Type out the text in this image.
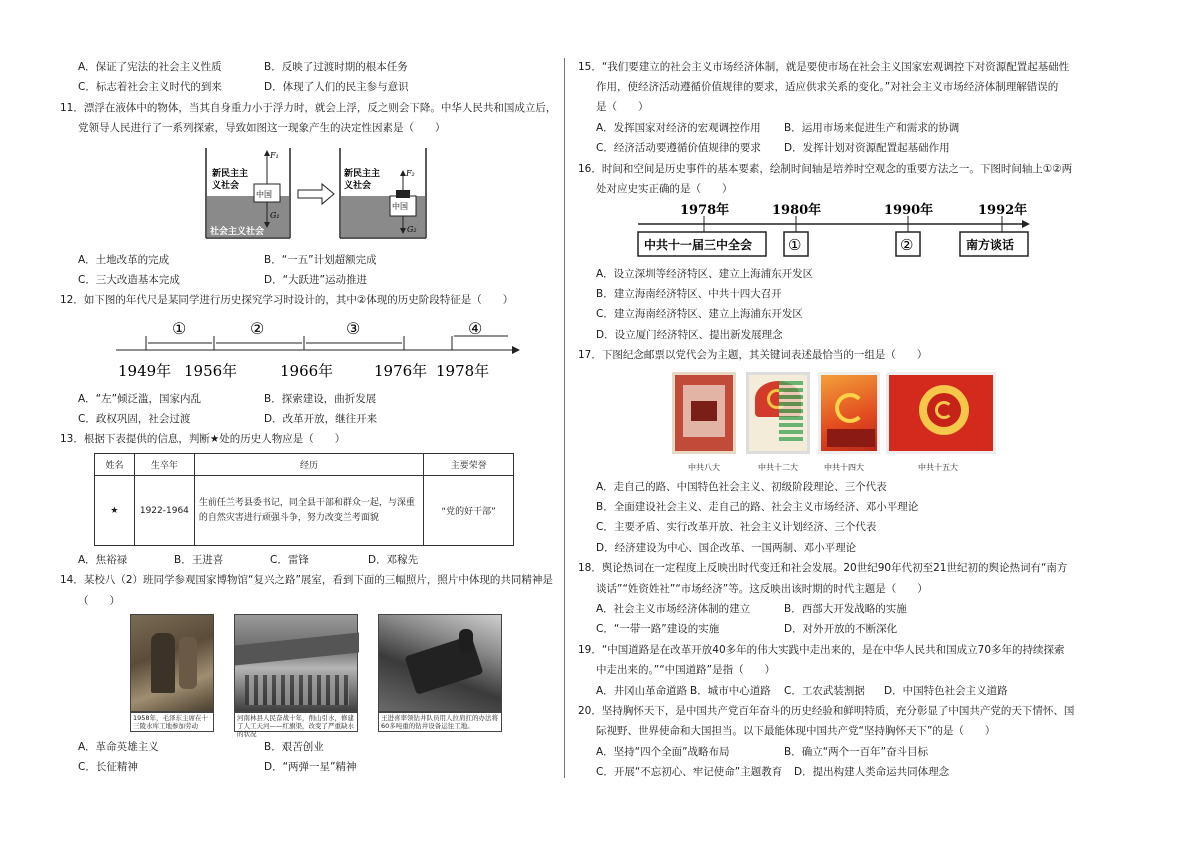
A．保证了宪法的社会主义性质	B．反映了过渡时期的根本任务
C．标志着社会主义时代的到来	D．体现了人们的民主参与意识
11．漂浮在液体中的物体，当其自身重力小于浮力时，就会上浮，反之则会下降。中华人民共和国成立后，
党领导人民进行了一系列探索，导致如图这一现象产生的决定性因素是（　　）
新民主主
义社会
中国
F₁
G₁
社会主义社会
新民主主
义社会
中国
F₂
G₂
A．土地改革的完成	B．“一五”计划超额完成
C．三大改造基本完成	D．“大跃进”运动推进
12．如下图的年代尺是某同学进行历史探究学习时设计的，其中②体现的历史阶段特征是（　　）
①	②	③	④
1949年 1956年	1966年	1976年 1978年
A．“左”倾泛滥，国家内乱	B．探索建设，曲折发展
C．政权巩固，社会过渡	D．改革开放，继往开来
13．根据下表提供的信息，判断★处的历史人物应是（　　）
姓名	生卒年	经历	主要荣誉
★	1922-1964	生前任兰考县委书记，同全县干部和群众一起，与深重的自然灾害进行顽强斗争，努力改变兰考面貌	“党的好干部”
A．焦裕禄	B．王进喜	C．雷锋	D．邓稼先
14．某校八（2）班同学参观国家博物馆“复兴之路”展室，看到下面的三幅照片，照片中体现的共同精神是
（　　）
1958年，毛泽东主席在十三陵水库工地参加劳动
河南林县人民奋战十年，削山引水，修建了人工天河——红旗渠，改变了严重缺水的状况
王进喜率领钻井队员用人拉肩扛的办法将60多吨重的钻井设备运往工地。
A．革命英雄主义	B．艰苦创业
C．长征精神	D．“两弹一星”精神
15．“我们要建立的社会主义市场经济体制，就是要使市场在社会主义国家宏观调控下对资源配置起基础性
作用，使经济活动遵循价值规律的要求，适应供求关系的变化。”对社会主义市场经济体制理解错误的
是（　　）
A．发挥国家对经济的宏观调控作用 B．运用市场来促进生产和需求的协调
C．经济活动要遵循价值规律的要求 D．发挥计划对资源配置起基础作用
16．时间和空间是历史事件的基本要素，绘制时间轴是培养时空观念的重要方法之一。下图时间轴上①②两
处对应史实正确的是（　　）
1978年	1980年	1990年	1992年
中共十一届三中全会 ①	②	南方谈话
A．设立深圳等经济特区、建立上海浦东开发区
B．建立海南经济特区、中共十四大召开
C．建立海南经济特区、建立上海浦东开发区
D．设立厦门经济特区、提出新发展理念
17．下图纪念邮票以党代会为主题，其关键词表述最恰当的一组是（　　）
中共八大	中共十二大	中共十四大	中共十五大
A．走自己的路、中国特色社会主义、初级阶段理论、三个代表
B．全面建设社会主义、走自己的路、社会主义市场经济、邓小平理论
C．主要矛盾、实行改革开放、社会主义计划经济、三个代表
D．经济建设为中心、国企改革、一国两制、邓小平理论
18．舆论热词在一定程度上反映出时代变迁和社会发展。20世纪90年代初至21世纪初的舆论热词有“南方
谈话”“姓资姓社”“市场经济”等。这反映出该时期的时代主题是（　　）
A．社会主义市场经济体制的建立	B．西部大开发战略的实施
C．“一带一路”建设的实施	D．对外开放的不断深化
19．“中国道路是在改革开放40多年的伟大实践中走出来的，是在中华人民共和国成立70多年的持续探索
中走出来的。”“中国道路”是指（　　）
A．井冈山革命道路 B．城市中心道路 C．工农武装割据 D．中国特色社会主义道路
20．坚持胸怀天下，是中国共产党百年奋斗的历史经验和鲜明特质，充分彰显了中国共产党的天下情怀、国
际视野、世界使命和大国担当。以下最能体现中国共产党“坚持胸怀天下”的是（　　）
A．坚持“四个全面”战略布局	B．确立“两个一百年”奋斗目标
C．开展“不忘初心、牢记使命”主题教育 D．提出构建人类命运共同体理念
